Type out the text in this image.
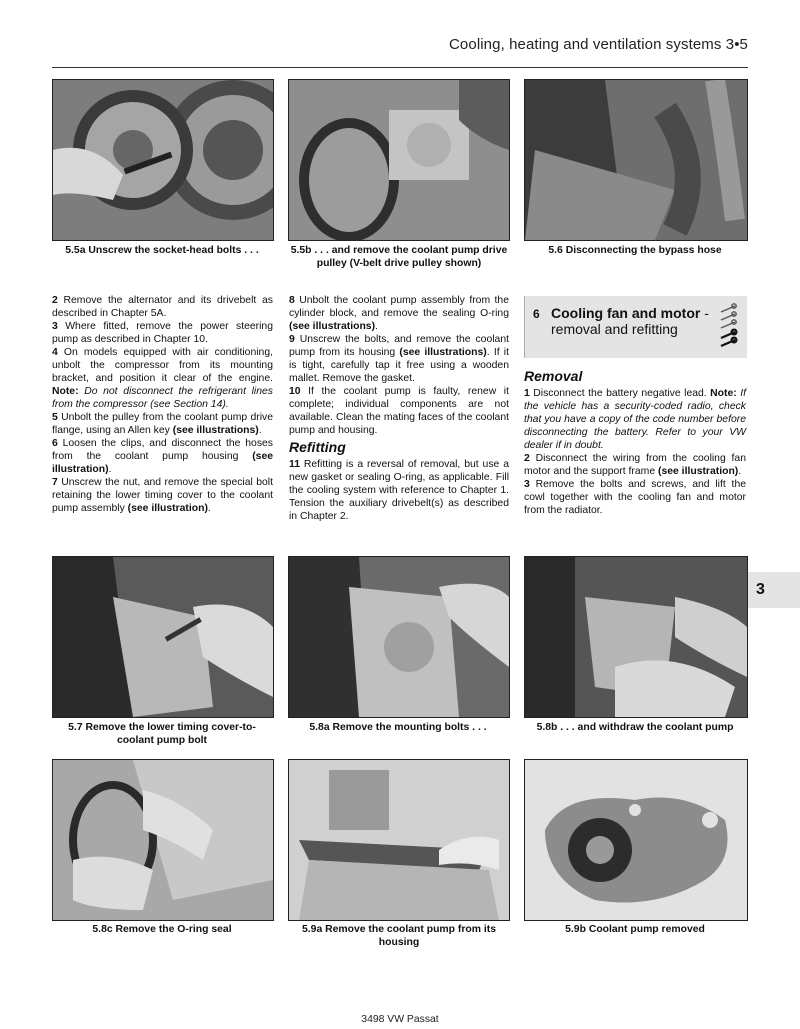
Cooling, heating and ventilation systems 3•5
5.5a Unscrew the socket-head bolts . . .	5.5b . . . and remove the coolant pump drive pulley (V-belt drive pulley shown)
5.6 Disconnecting the bypass hose

2 Remove the alternator and its drivebelt as described in Chapter 5A.

3 Where fitted, remove the power steering pump as described in Chapter 10.

4 On models equipped with air conditioning, unbolt the compressor from its mounting bracket, and position it clear of the engine. Note: Do not disconnect the refrigerant lines from the compressor (see Section 14).

5 Unbolt the pulley from the coolant pump drive flange, using an Allen key (see illustrations).

6 Loosen the clips, and disconnect the hoses from the coolant pump housing (see illustration).

7 Unscrew the nut, and remove the special bolt retaining the lower timing cover to the coolant pump assembly (see illustration).

8 Unbolt the coolant pump assembly from the cylinder block, and remove the sealing O-ring (see illustrations).

9 Unscrew the bolts, and remove the coolant pump from its housing (see illustrations). If it is tight, carefully tap it free using a wooden mallet. Remove the gasket.

10 If the coolant pump is faulty, renew it complete; individual components are not available. Clean the mating faces of the coolant pump and housing.

Refitting

11 Refitting is a reversal of removal, but use a new gasket or sealing O-ring, as applicable. Fill the cooling system with reference to Chapter 1. Tension the auxiliary drivebelt(s) as described in Chapter 2.

6 Cooling fan and motor - removal and refitting

Removal

1 Disconnect the battery negative lead. Note: If the vehicle has a security-coded radio, check that you have a copy of the code number before disconnecting the battery. Refer to your VW dealer if in doubt.

2 Disconnect the wiring from the cooling fan motor and the support frame (see illustration).

3 Remove the bolts and screws, and lift the cowl together with the cooling fan and motor from the radiator.

3
5.7 Remove the lower timing cover-to-coolant pump bolt
5.8a Remove the mounting bolts . . .	5.8b . . . and withdraw the coolant pump
5.8c Remove the O-ring seal	5.9a Remove the coolant pump from its housing
5.9b Coolant pump removed
3498 VW Passat
